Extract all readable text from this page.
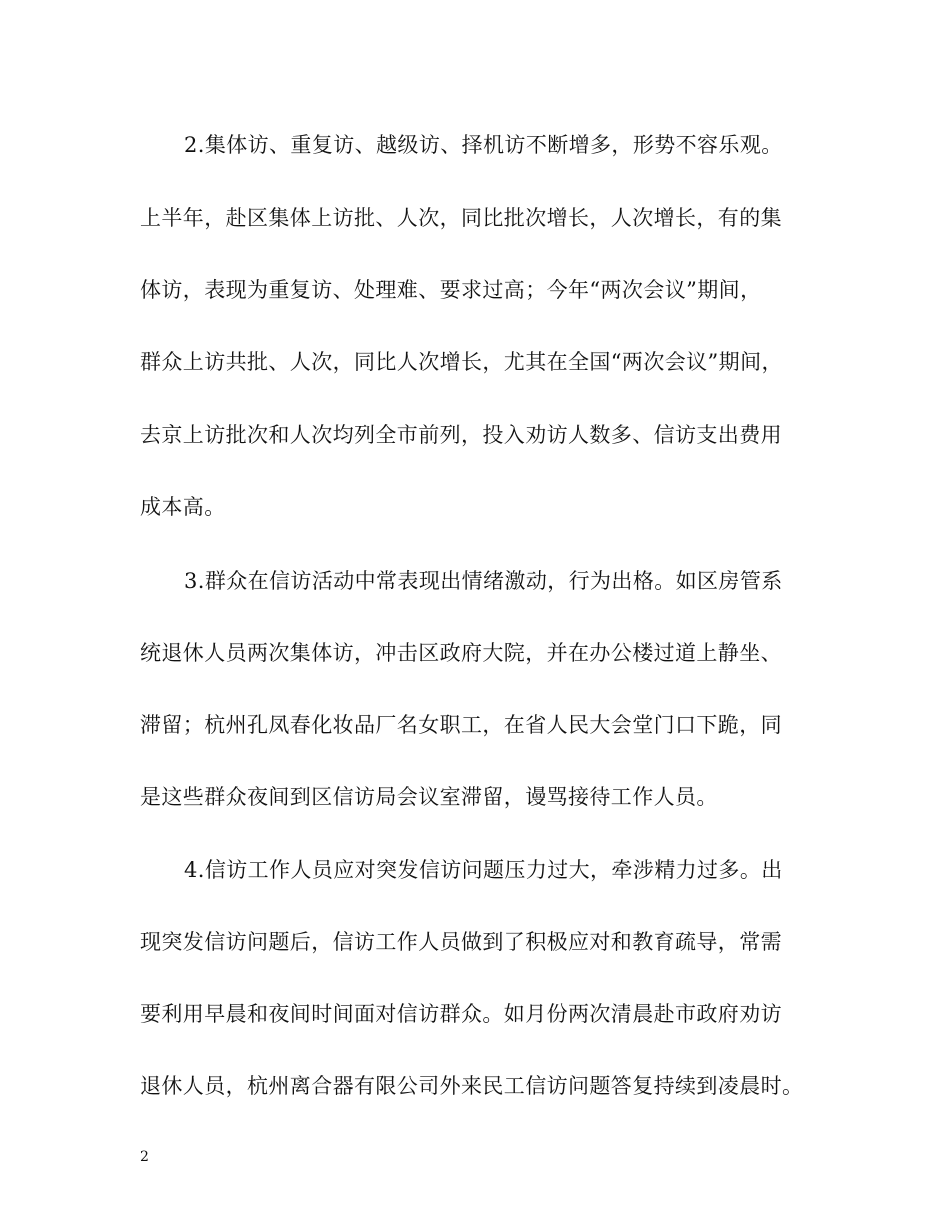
2.集体访、重复访、越级访、择机访不断增多，形势不容乐观。
上半年，赴区集体上访批、人次，同比批次增长，人次增长，有的集
体访，表现为重复访、处理难、要求过高；今年“两次会议”期间，
群众上访共批、人次，同比人次增长，尤其在全国“两次会议”期间，
去京上访批次和人次均列全市前列，投入劝访人数多、信访支出费用
成本高。
3.群众在信访活动中常表现出情绪激动，行为出格。如区房管系
统退休人员两次集体访，冲击区政府大院，并在办公楼过道上静坐、
滞留；杭州孔凤春化妆品厂名女职工，在省人民大会堂门口下跪，同
是这些群众夜间到区信访局会议室滞留，谩骂接待工作人员。
4.信访工作人员应对突发信访问题压力过大，牵涉精力过多。出
现突发信访问题后，信访工作人员做到了积极应对和教育疏导，常需
要利用早晨和夜间时间面对信访群众。如月份两次清晨赴市政府劝访
退休人员，杭州离合器有限公司外来民工信访问题答复持续到凌晨时。
2
